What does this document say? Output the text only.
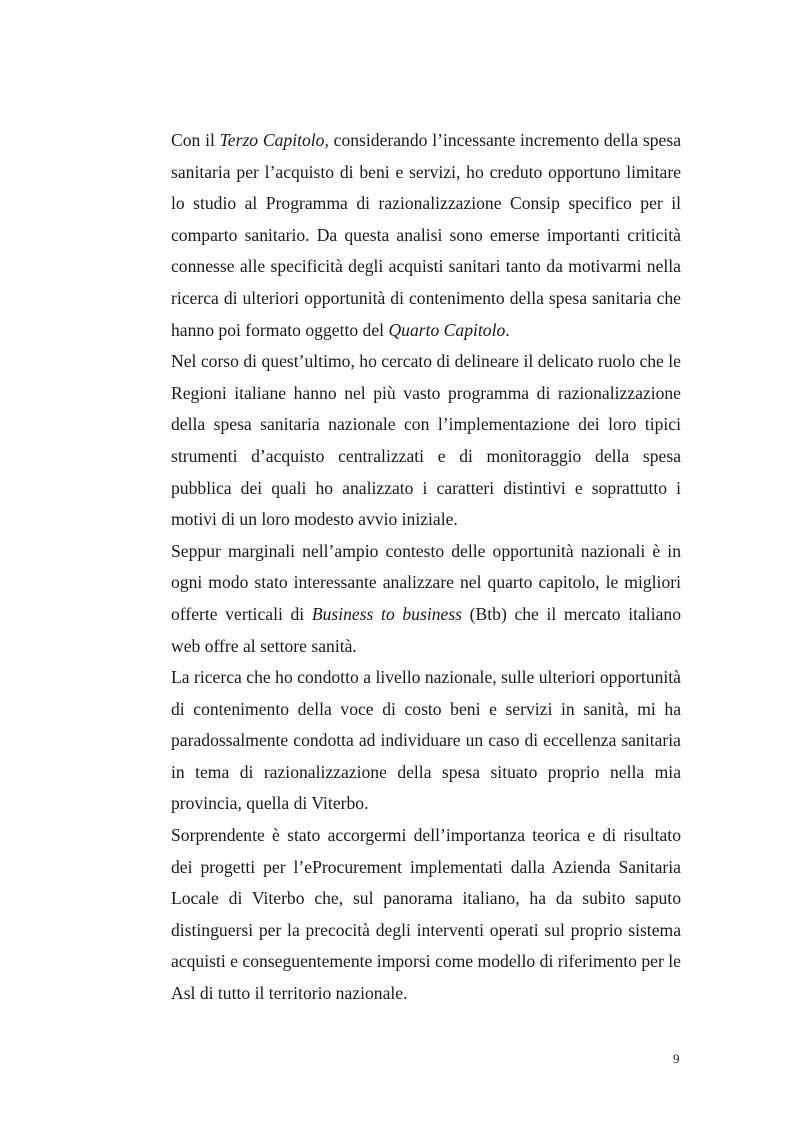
Con il Terzo Capitolo, considerando l’incessante incremento della spesa sanitaria per l’acquisto di beni e servizi, ho creduto opportuno limitare lo studio al Programma di razionalizzazione Consip specifico per il comparto sanitario. Da questa analisi sono emerse importanti criticità connesse alle specificità degli acquisti sanitari tanto da motivarmi nella ricerca di ulteriori opportunità di contenimento della spesa sanitaria che hanno poi formato oggetto del Quarto Capitolo.

Nel corso di quest’ultimo, ho cercato di delineare il delicato ruolo che le Regioni italiane hanno nel più vasto programma di razionalizzazione della spesa sanitaria nazionale con l’implementazione dei loro tipici strumenti d’acquisto centralizzati e di monitoraggio della spesa pubblica dei quali ho analizzato i caratteri distintivi e soprattutto i motivi di un loro modesto avvio iniziale.

Seppur marginali nell’ampio contesto delle opportunità nazionali è in ogni modo stato interessante analizzare nel quarto capitolo, le migliori offerte verticali di Business to business (Btb) che il mercato italiano web offre al settore sanità.

La ricerca che ho condotto a livello nazionale, sulle ulteriori opportunità di contenimento della voce di costo beni e servizi in sanità, mi ha paradossalmente condotta ad individuare un caso di eccellenza sanitaria in tema di razionalizzazione della spesa situato proprio nella mia provincia, quella di Viterbo.

Sorprendente è stato accorgermi dell’importanza teorica e di risultato dei progetti per l’eProcurement implementati dalla Azienda Sanitaria Locale di Viterbo che, sul panorama italiano, ha da subito saputo distinguersi per la precocità degli interventi operati sul proprio sistema acquisti e conseguentemente imporsi come modello di riferimento per le Asl di tutto il territorio nazionale.

9
